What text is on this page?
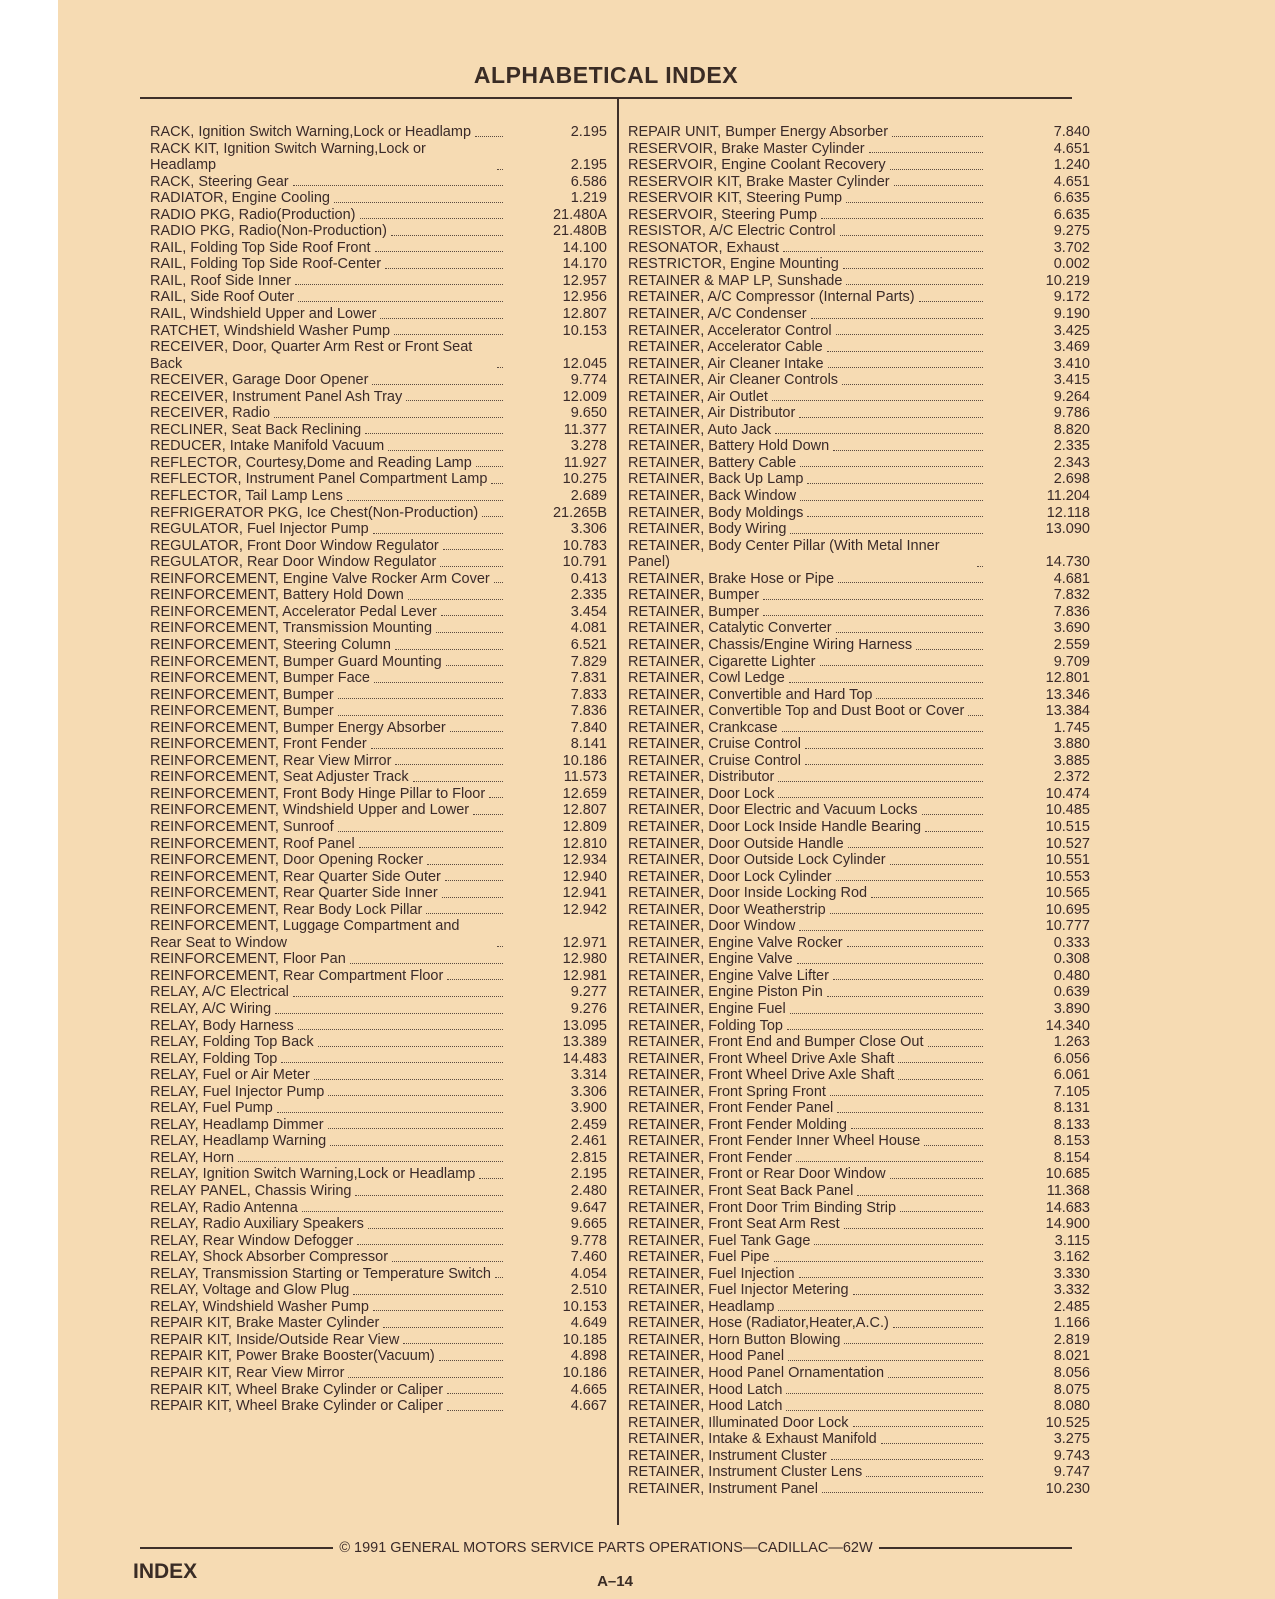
ALPHABETICAL INDEX
RACK, Ignition Switch Warning,Lock or Headlamp	2.195
RACK KIT, Ignition Switch Warning,Lock or Headlamp	2.195
RACK, Steering Gear	6.586
RADIATOR, Engine Cooling	1.219
RADIO PKG, Radio(Production)	21.480A
RADIO PKG, Radio(Non-Production)	21.480B
RAIL, Folding Top Side Roof Front	14.100
RAIL, Folding Top Side Roof-Center	14.170
RAIL, Roof Side Inner	12.957
RAIL, Side Roof Outer	12.956
RAIL, Windshield Upper and Lower	12.807
RATCHET, Windshield Washer Pump	10.153
RECEIVER, Door, Quarter Arm Rest or Front Seat Back	12.045
RECEIVER, Garage Door Opener	9.774
RECEIVER, Instrument Panel Ash Tray	12.009
RECEIVER, Radio	9.650
RECLINER, Seat Back Reclining	11.377
REDUCER, Intake Manifold Vacuum	3.278
REFLECTOR, Courtesy,Dome and Reading Lamp	11.927
REFLECTOR, Instrument Panel Compartment Lamp	10.275
REFLECTOR, Tail Lamp Lens	2.689
REFRIGERATOR PKG, Ice Chest(Non-Production)	21.265B
REGULATOR, Fuel Injector Pump	3.306
REGULATOR, Front Door Window Regulator	10.783
REGULATOR, Rear Door Window Regulator	10.791
REINFORCEMENT, Engine Valve Rocker Arm Cover	0.413
REINFORCEMENT, Battery Hold Down	2.335
REINFORCEMENT, Accelerator Pedal Lever	3.454
REINFORCEMENT, Transmission Mounting	4.081
REINFORCEMENT, Steering Column	6.521
REINFORCEMENT, Bumper Guard Mounting	7.829
REINFORCEMENT, Bumper Face	7.831
REINFORCEMENT, Bumper	7.833
REINFORCEMENT, Bumper	7.836
REINFORCEMENT, Bumper Energy Absorber	7.840
REINFORCEMENT, Front Fender	8.141
REINFORCEMENT, Rear View Mirror	10.186
REINFORCEMENT, Seat Adjuster Track	11.573
REINFORCEMENT, Front Body Hinge Pillar to Floor	12.659
REINFORCEMENT, Windshield Upper and Lower	12.807
REINFORCEMENT, Sunroof	12.809
REINFORCEMENT, Roof Panel	12.810
REINFORCEMENT, Door Opening Rocker	12.934
REINFORCEMENT, Rear Quarter Side Outer	12.940
REINFORCEMENT, Rear Quarter Side Inner	12.941
REINFORCEMENT, Rear Body Lock Pillar	12.942
REINFORCEMENT, Luggage Compartment and Rear Seat to Window	12.971
REINFORCEMENT, Floor Pan	12.980
REINFORCEMENT, Rear Compartment Floor	12.981
RELAY, A/C Electrical	9.277
RELAY, A/C Wiring	9.276
RELAY, Body Harness	13.095
RELAY, Folding Top Back	13.389
RELAY, Folding Top	14.483
RELAY, Fuel or Air Meter	3.314
RELAY, Fuel Injector Pump	3.306
RELAY, Fuel Pump	3.900
RELAY, Headlamp Dimmer	2.459
RELAY, Headlamp Warning	2.461
RELAY, Horn	2.815
RELAY, Ignition Switch Warning,Lock or Headlamp	2.195
RELAY PANEL, Chassis Wiring	2.480
RELAY, Radio Antenna	9.647
RELAY, Radio Auxiliary Speakers	9.665
RELAY, Rear Window Defogger	9.778
RELAY, Shock Absorber Compressor	7.460
RELAY, Transmission Starting or Temperature Switch	4.054
RELAY, Voltage and Glow Plug	2.510
RELAY, Windshield Washer Pump	10.153
REPAIR KIT, Brake Master Cylinder	4.649
REPAIR KIT, Inside/Outside Rear View	10.185
REPAIR KIT, Power Brake Booster(Vacuum)	4.898
REPAIR KIT, Rear View Mirror	10.186
REPAIR KIT, Wheel Brake Cylinder or Caliper	4.665
REPAIR KIT, Wheel Brake Cylinder or Caliper	4.667
REPAIR UNIT, Bumper Energy Absorber	7.840
RESERVOIR, Brake Master Cylinder	4.651
RESERVOIR, Engine Coolant Recovery	1.240
RESERVOIR KIT, Brake Master Cylinder	4.651
RESERVOIR KIT, Steering Pump	6.635
RESERVOIR, Steering Pump	6.635
RESISTOR, A/C Electric Control	9.275
RESONATOR, Exhaust	3.702
RESTRICTOR, Engine Mounting	0.002
RETAINER & MAP LP, Sunshade	10.219
RETAINER, A/C Compressor (Internal Parts)	9.172
RETAINER, A/C Condenser	9.190
RETAINER, Accelerator Control	3.425
RETAINER, Accelerator Cable	3.469
RETAINER, Air Cleaner Intake	3.410
RETAINER, Air Cleaner Controls	3.415
RETAINER, Air Outlet	9.264
RETAINER, Air Distributor	9.786
RETAINER, Auto Jack	8.820
RETAINER, Battery Hold Down	2.335
RETAINER, Battery Cable	2.343
RETAINER, Back Up Lamp	2.698
RETAINER, Back Window	11.204
RETAINER, Body Moldings	12.118
RETAINER, Body Wiring	13.090
RETAINER, Body Center Pillar (With Metal Inner Panel)	14.730
RETAINER, Brake Hose or Pipe	4.681
RETAINER, Bumper	7.832
RETAINER, Bumper	7.836
RETAINER, Catalytic Converter	3.690
RETAINER, Chassis/Engine Wiring Harness	2.559
RETAINER, Cigarette Lighter	9.709
RETAINER, Cowl Ledge	12.801
RETAINER, Convertible and Hard Top	13.346
RETAINER, Convertible Top and Dust Boot or Cover	13.384
RETAINER, Crankcase	1.745
RETAINER, Cruise Control	3.880
RETAINER, Cruise Control	3.885
RETAINER, Distributor	2.372
RETAINER, Door Lock	10.474
RETAINER, Door Electric and Vacuum Locks	10.485
RETAINER, Door Lock Inside Handle Bearing	10.515
RETAINER, Door Outside Handle	10.527
RETAINER, Door Outside Lock Cylinder	10.551
RETAINER, Door Lock Cylinder	10.553
RETAINER, Door Inside Locking Rod	10.565
RETAINER, Door Weatherstrip	10.695
RETAINER, Door Window	10.777
RETAINER, Engine Valve Rocker	0.333
RETAINER, Engine Valve	0.308
RETAINER, Engine Valve Lifter	0.480
RETAINER, Engine Piston Pin	0.639
RETAINER, Engine Fuel	3.890
RETAINER, Folding Top	14.340
RETAINER, Front End and Bumper Close Out	1.263
RETAINER, Front Wheel Drive Axle Shaft	6.056
RETAINER, Front Wheel Drive Axle Shaft	6.061
RETAINER, Front Spring Front	7.105
RETAINER, Front Fender Panel	8.131
RETAINER, Front Fender Molding	8.133
RETAINER, Front Fender Inner Wheel House	8.153
RETAINER, Front Fender	8.154
RETAINER, Front or Rear Door Window	10.685
RETAINER, Front Seat Back Panel	11.368
RETAINER, Front Door Trim Binding Strip	14.683
RETAINER, Front Seat Arm Rest	14.900
RETAINER, Fuel Tank Gage	3.115
RETAINER, Fuel Pipe	3.162
RETAINER, Fuel Injection	3.330
RETAINER, Fuel Injector Metering	3.332
RETAINER, Headlamp	2.485
RETAINER, Hose (Radiator,Heater,A.C.)	1.166
RETAINER, Horn Button Blowing	2.819
RETAINER, Hood Panel	8.021
RETAINER, Hood Panel Ornamentation	8.056
RETAINER, Hood Latch	8.075
RETAINER, Hood Latch	8.080
RETAINER, Illuminated Door Lock	10.525
RETAINER, Intake & Exhaust Manifold	3.275
RETAINER, Instrument Cluster	9.743
RETAINER, Instrument Cluster Lens	9.747
RETAINER, Instrument Panel	10.230
© 1991 GENERAL MOTORS SERVICE PARTS OPERATIONS—CADILLAC—62W
INDEX	A–14
